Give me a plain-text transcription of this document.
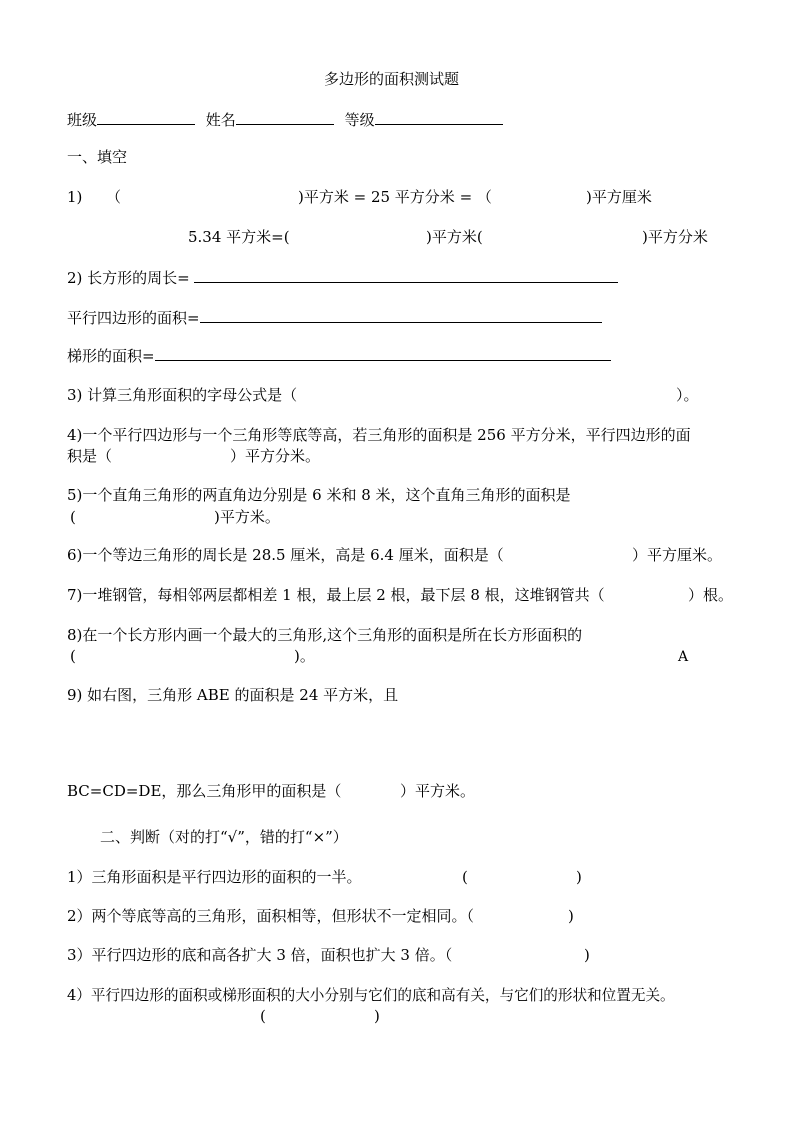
多边形的面积测试题
班级	姓名	等级
一、填空
1) （	)平方米 = 25 平方分米 = （	)平方厘米
5.34 平方米=(	)平方米(	)平方分米
2) 长方形的周长=
平行四边形的面积=
梯形的面积=
3) 计算三角形面积的字母公式是（	）。
4)一个平行四边形与一个三角形等底等高，若三角形的面积是 256 平方分米，平行四边形的面
积是（	）平方分米。
5)一个直角三角形的两直角边分别是 6 米和 8 米，这个直角三角形的面积是
(	)平方米。
6)一个等边三角形的周长是 28.5 厘米，高是 6.4 厘米，面积是（	）平方厘米。
7)一堆钢管，每相邻两层都相差 1 根，最上层 2 根，最下层 8 根，这堆钢管共（	）根。
8)在一个长方形内画一个最大的三角形,这个三角形的面积是所在长方形面积的
(	)。	A
9) 如右图，三角形 ABE 的面积是 24 平方米，且
BC=CD=DE，那么三角形甲的面积是（	）平方米。
二、判断（对的打“√”，错的打“×”）
1）三角形面积是平行四边形的面积的一半。	(	)
2）两个等底等高的三角形，面积相等，但形状不一定相同。（	)
3）平行四边形的底和高各扩大 3 倍，面积也扩大 3 倍。（	)
4）平行四边形的面积或梯形面积的大小分别与它们的底和高有关，与它们的形状和位置无关。
(	)
